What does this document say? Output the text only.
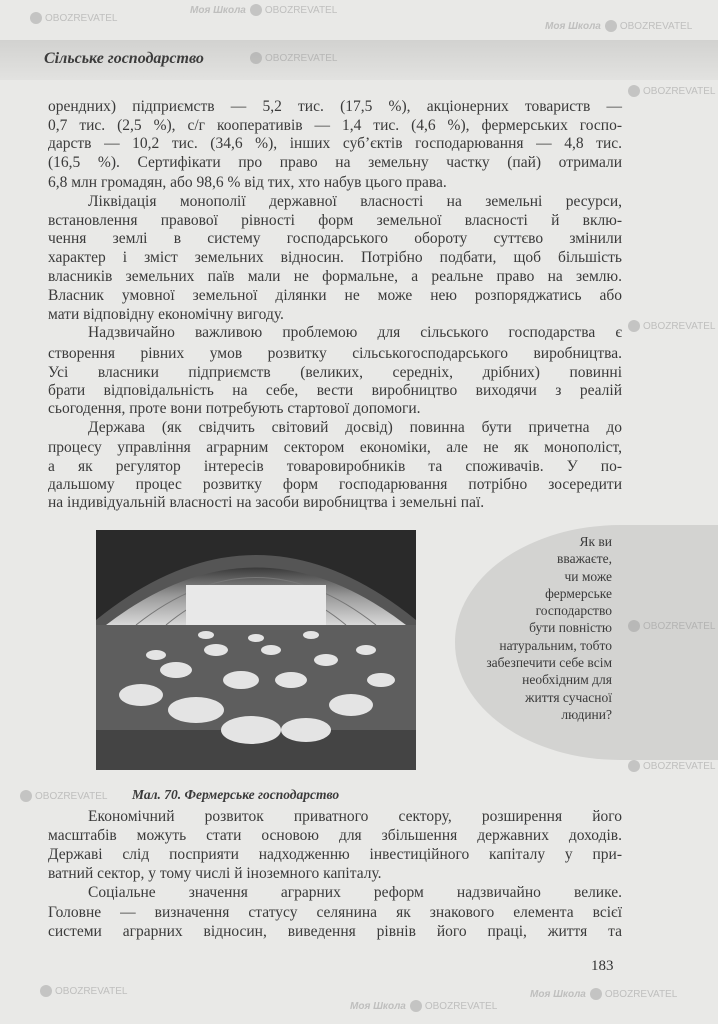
Сільське господарство
орендних) підприємств — 5,2 тис. (17,5 %), акціонерних товариств —
0,7 тис. (2,5 %), с/г кооперативів — 1,4 тис. (4,6 %), фермерських госпо-
дарств — 10,2 тис. (34,6 %), інших суб’єктів господарювання — 4,8 тис.
(16,5 %). Сертифікати про право на земельну частку (пай) отримали
6,8 млн громадян, або 98,6 % від тих, хто набув цього права.
Ліквідація монополії державної власності на земельні ресурси,
встановлення правової рівності форм земельної власності й вклю-
чення землі в систему господарського обороту суттєво змінили
характер і зміст земельних відносин. Потрібно подбати, щоб більшість
власників земельних паїв мали не формальне, а реальне право на землю.
Власник умовної земельної ділянки не може нею розпоряджатись або
мати відповідну економічну вигоду.
Надзвичайно важливою проблемою для сільського господарства є
створення рівних умов розвитку сільськогосподарського виробництва.
Усі власники підприємств (великих, середніх, дрібних) повинні
брати відповідальність на себе, вести виробництво виходячи з реалій
сьогодення, проте вони потребують стартової допомоги.
Держава (як свідчить світовий досвід) повинна бути причетна до
процесу управління аграрним сектором економіки, але не як монополіст,
а як регулятор інтересів товаровиробників та споживачів. У по-
дальшому процес розвитку форм господарювання потрібно зосередити
на індивідуальній власності на засоби виробництва і земельні паї.
Економічний розвиток приватного сектору, розширення його
масштабів можуть стати основою для збільшення державних доходів.
Державі слід посприяти надходженню інвестиційного капіталу у при-
ватний сектор, у тому числі й іноземного капіталу.
Соціальне значення аграрних реформ надзвичайно велике.
Головне — визначення статусу селянина як знакового елемента всієї
системи аграрних відносин, виведення рівнів його праці, життя та
Мал. 70. Фермерське господарство
Як ви
вважаєте,
чи може
фермерське
господарство
бути повністю
натуральним, тобто
забезпечити себе всім
необхідним для
життя сучасної
людини?
183
OBOZREVATEL
Моя Школа OBOZREVATEL
Моя Школа OBOZREVATEL
OBOZREVATEL
OBOZREVATEL
OBOZREVATEL
OBOZREVATEL
OBOZREVATEL
OBOZREVATEL
OBOZREVATEL
Моя Школа OBOZREVATEL
Моя Школа OBOZREVATEL
